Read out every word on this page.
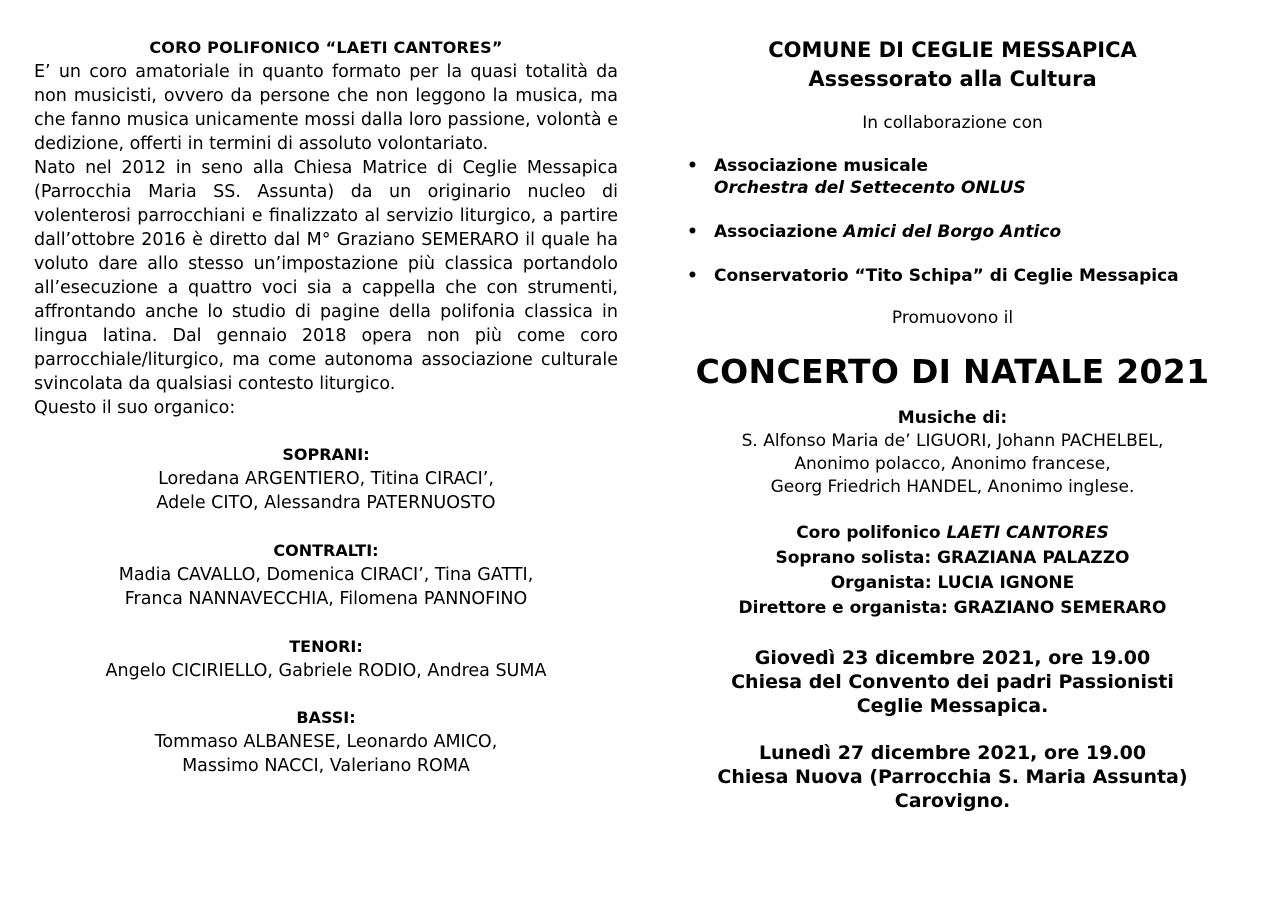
CORO POLIFONICO “LAETI CANTORES”

E’ un coro amatoriale in quanto formato per la quasi totalità da non musicisti, ovvero da persone che non leggono la musica, ma che fanno musica unicamente mossi dalla loro passione, volontà e dedizione, offerti in termini di assoluto volontariato.

Nato nel 2012 in seno alla Chiesa Matrice di Ceglie Messapica (Parrocchia Maria SS. Assunta) da un originario nucleo di volenterosi parrocchiani e finalizzato al servizio liturgico, a partire dall’ottobre 2016 è diretto dal M° Graziano SEMERARO il quale ha voluto dare allo stesso un’impostazione più classica portandolo all’esecuzione a quattro voci sia a cappella che con strumenti, affrontando anche lo studio di pagine della polifonia classica in lingua latina. Dal gennaio 2018 opera non più come coro parrocchiale/liturgico, ma come autonoma associazione culturale svincolata da qualsiasi contesto liturgico.

Questo il suo organico:

SOPRANI:
Loredana ARGENTIERO, Titina CIRACI’,
Adele CITO, Alessandra PATERNUOSTO
CONTRALTI:
Madia CAVALLO, Domenica CIRACI’, Tina GATTI,
Franca NANNAVECCHIA, Filomena PANNOFINO
TENORI:
Angelo CICIRIELLO, Gabriele RODIO, Andrea SUMA
BASSI:
Tommaso ALBANESE, Leonardo AMICO,
Massimo NACCI, Valeriano ROMA
COMUNE DI CEGLIE MESSAPICA
Assessorato alla Cultura
In collaborazione con
• Associazione musicale
Orchestra del Settecento ONLUS
• Associazione Amici del Borgo Antico
• Conservatorio “Tito Schipa” di Ceglie Messapica
Promuovono il
CONCERTO DI NATALE 2021
Musiche di:
S. Alfonso Maria de’ LIGUORI, Johann PACHELBEL,
Anonimo polacco, Anonimo francese,
Georg Friedrich HANDEL, Anonimo inglese.
Coro polifonico LAETI CANTORES
Soprano solista: GRAZIANA PALAZZO
Organista: LUCIA IGNONE
Direttore e organista: GRAZIANO SEMERARO
Giovedì 23 dicembre 2021, ore 19.00
Chiesa del Convento dei padri Passionisti
Ceglie Messapica.
Lunedì 27 dicembre 2021, ore 19.00
Chiesa Nuova (Parrocchia S. Maria Assunta)
Carovigno.
